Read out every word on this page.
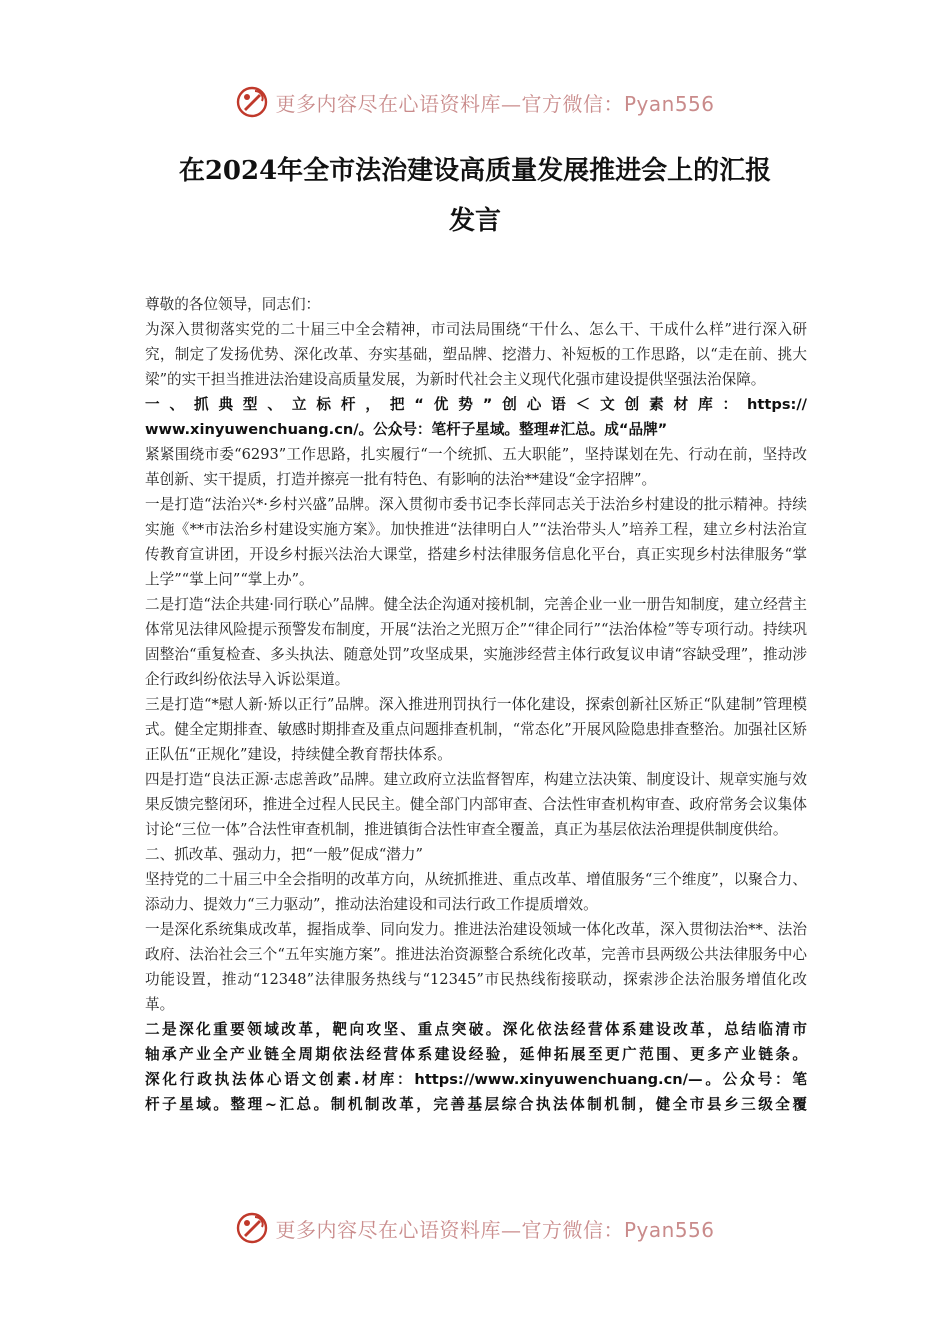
更多内容尽在心语资料库—官方微信：Pyan556
在2024年全市法治建设高质量发展推进会上的汇报
发言

尊敬的各位领导，同志们：

为深入贯彻落实党的二十届三中全会精神，市司法局围绕“干什么、怎么干、干成什么样”进行深入研究，制定了发扬优势、深化改革、夯实基础，塑品牌、挖潜力、补短板的工作思路，以“走在前、挑大梁”的实干担当推进法治建设高质量发展，为新时代社会主义现代化强市建设提供坚强法治保障。

一、抓典型、立标杆，把“优势”创心语＜文创素材库：https://

www.xinyuwenchuang.cn/。公众号：笔杆子星域。整理#汇总。成“品牌”

紧紧围绕市委“6293”工作思路，扎实履行“一个统抓、五大职能”，坚持谋划在先、行动在前，坚持改革创新、实干提质，打造并擦亮一批有特色、有影响的法治**建设“金字招牌”。

一是打造“法治兴*·乡村兴盛”品牌。深入贯彻市委书记李长萍同志关于法治乡村建设的批示精神。持续实施《**市法治乡村建设实施方案》。加快推进“法律明白人”“法治带头人”培养工程，建立乡村法治宣传教育宣讲团，开设乡村振兴法治大课堂，搭建乡村法律服务信息化平台，真正实现乡村法律服务“掌上学”“掌上问”“掌上办”。

二是打造“法企共建·同行联心”品牌。健全法企沟通对接机制，完善企业一业一册告知制度，建立经营主体常见法律风险提示预警发布制度，开展“法治之光照万企”“律企同行”“法治体检”等专项行动。持续巩固整治“重复检查、多头执法、随意处罚”攻坚成果，实施涉经营主体行政复议申请“容缺受理”，推动涉企行政纠纷依法导入诉讼渠道。

三是打造“*慰人新·矫以正行”品牌。深入推进刑罚执行一体化建设，探索创新社区矫正“队建制”管理模式。健全定期排查、敏感时期排查及重点问题排查机制，“常态化”开展风险隐患排查整治。加强社区矫正队伍“正规化”建设，持续健全教育帮扶体系。

四是打造“良法正源·志虑善政”品牌。建立政府立法监督智库，构建立法决策、制度设计、规章实施与效果反馈完整闭环，推进全过程人民民主。健全部门内部审查、合法性审查机构审查、政府常务会议集体讨论“三位一体”合法性审查机制，推进镇街合法性审查全覆盖，真正为基层依法治理提供制度供给。

二、抓改革、强动力，把“一般”促成“潜力”

坚持党的二十届三中全会指明的改革方向，从统抓推进、重点改革、增值服务“三个维度”，以聚合力、添动力、提效力“三力驱动”，推动法治建设和司法行政工作提质增效。

一是深化系统集成改革，握指成拳、同向发力。推进法治建设领域一体化改革，深入贯彻法治**、法治政府、法治社会三个“五年实施方案”。推进法治资源整合系统化改革，完善市县两级公共法律服务中心功能设置，推动“12348”法律服务热线与“12345”市民热线衔接联动，探索涉企法治服务增值化改革。

二是深化重要领域改革，靶向攻坚、重点突破。深化依法经营体系建设改革，总结临清市

轴承产业全产业链全周期依法经营体系建设经验，延伸拓展至更广范围、更多产业链条。

深化行政执法体心语文创素.材库：https://www.xinyuwenchuang.cn/—。公众号：笔

杆子星域。整理~汇总。制机制改革，完善基层综合执法体制机制，健全市县乡三级全覆

更多内容尽在心语资料库—官方微信：Pyan556
